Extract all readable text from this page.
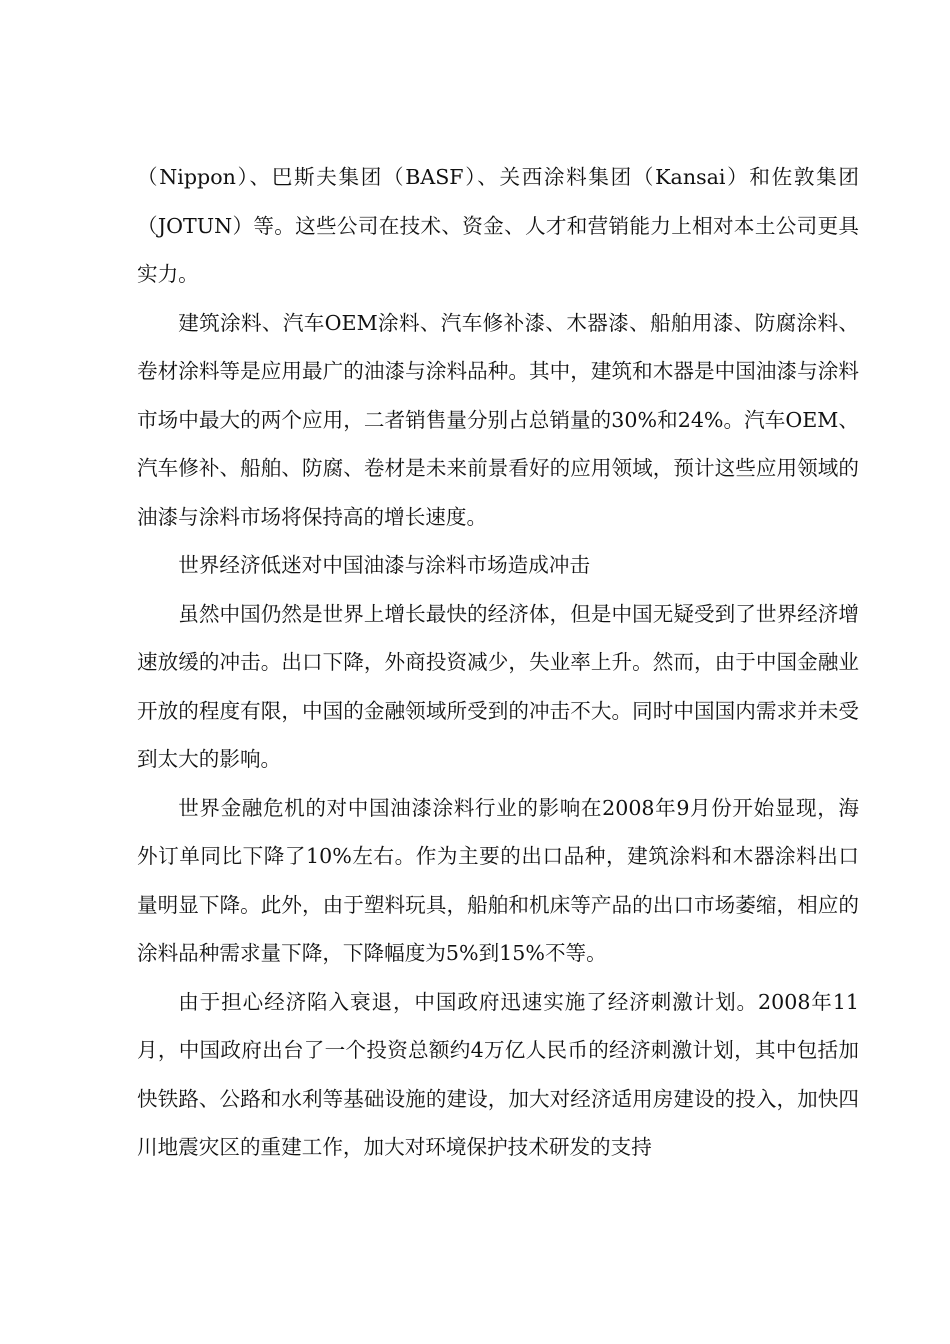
（Nippon）、巴斯夫集团（BASF）、关西涂料集团（Kansai）和佐敦集团（JOTUN）等。这些公司在技术、资金、人才和营销能力上相对本土公司更具实力。

建筑涂料、汽车OEM涂料、汽车修补漆、木器漆、船舶用漆、防腐涂料、卷材涂料等是应用最广的油漆与涂料品种。其中，建筑和木器是中国油漆与涂料市场中最大的两个应用，二者销售量分别占总销量的30%和24%。汽车OEM、汽车修补、船舶、防腐、卷材是未来前景看好的应用领域，预计这些应用领域的油漆与涂料市场将保持高的增长速度。

世界经济低迷对中国油漆与涂料市场造成冲击

虽然中国仍然是世界上增长最快的经济体，但是中国无疑受到了世界经济增速放缓的冲击。出口下降，外商投资减少，失业率上升。然而，由于中国金融业开放的程度有限，中国的金融领域所受到的冲击不大。同时中国国内需求并未受到太大的影响。

世界金融危机的对中国油漆涂料行业的影响在2008年9月份开始显现，海外订单同比下降了10%左右。作为主要的出口品种，建筑涂料和木器涂料出口量明显下降。此外，由于塑料玩具，船舶和机床等产品的出口市场萎缩，相应的涂料品种需求量下降，下降幅度为5%到15%不等。

由于担心经济陷入衰退，中国政府迅速实施了经济刺激计划。2008年11月，中国政府出台了一个投资总额约4万亿人民币的经济刺激计划，其中包括加快铁路、公路和水利等基础设施的建设，加大对经济适用房建设的投入，加快四川地震灾区的重建工作，加大对环境保护技术研发的支持
